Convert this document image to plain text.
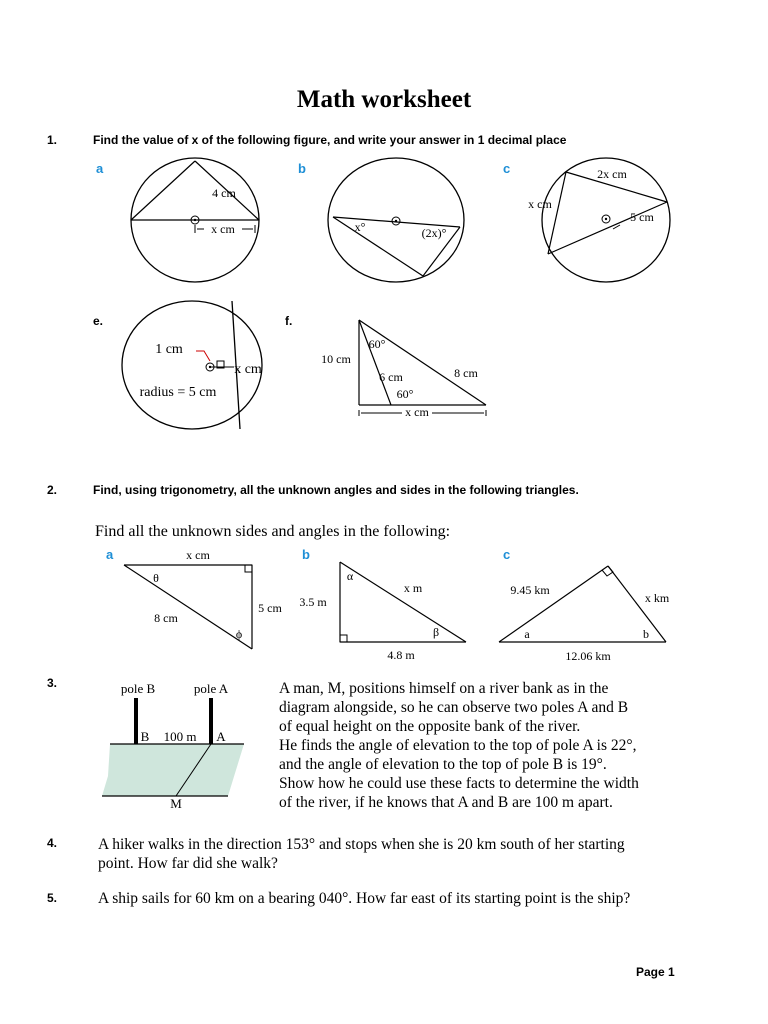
Math worksheet
1.	Find the value of x of the following figure, and write your answer in 1 decimal place
a	b	c
4 cm
x cm	x°	(2x)°
2x cm
x cm
5 cm
e.	f.
1 cm
x cm
radius = 5 cm
10 cm
60°
6 cm	8 cm
60°
x cm
2.	Find, using trigonometry, all the unknown angles and sides in the following triangles.
Find all the unknown sides and angles in the following:
a	b	c
x cm
θ
8 cm
5 cm
ϕ
α
x m
3.5 m
β
4.8 m
9.45 km
x km
a	b
12.06 km
3.	pole B	pole A
B 100 m A
M
A man, M, positions himself on a river bank as in the
diagram alongside, so he can observe two poles A and B
of equal height on the opposite bank of the river.
He finds the angle of elevation to the top of pole A is 22°,
and the angle of elevation to the top of pole B is 19°.
Show how he could use these facts to determine the width
of the river, if he knows that A and B are 100 m apart.
4.	A hiker walks in the direction 153° and stops when she is 20 km south of her starting
point. How far did she walk?
5.	A ship sails for 60 km on a bearing 040°. How far east of its starting point is the ship?
Page 1
